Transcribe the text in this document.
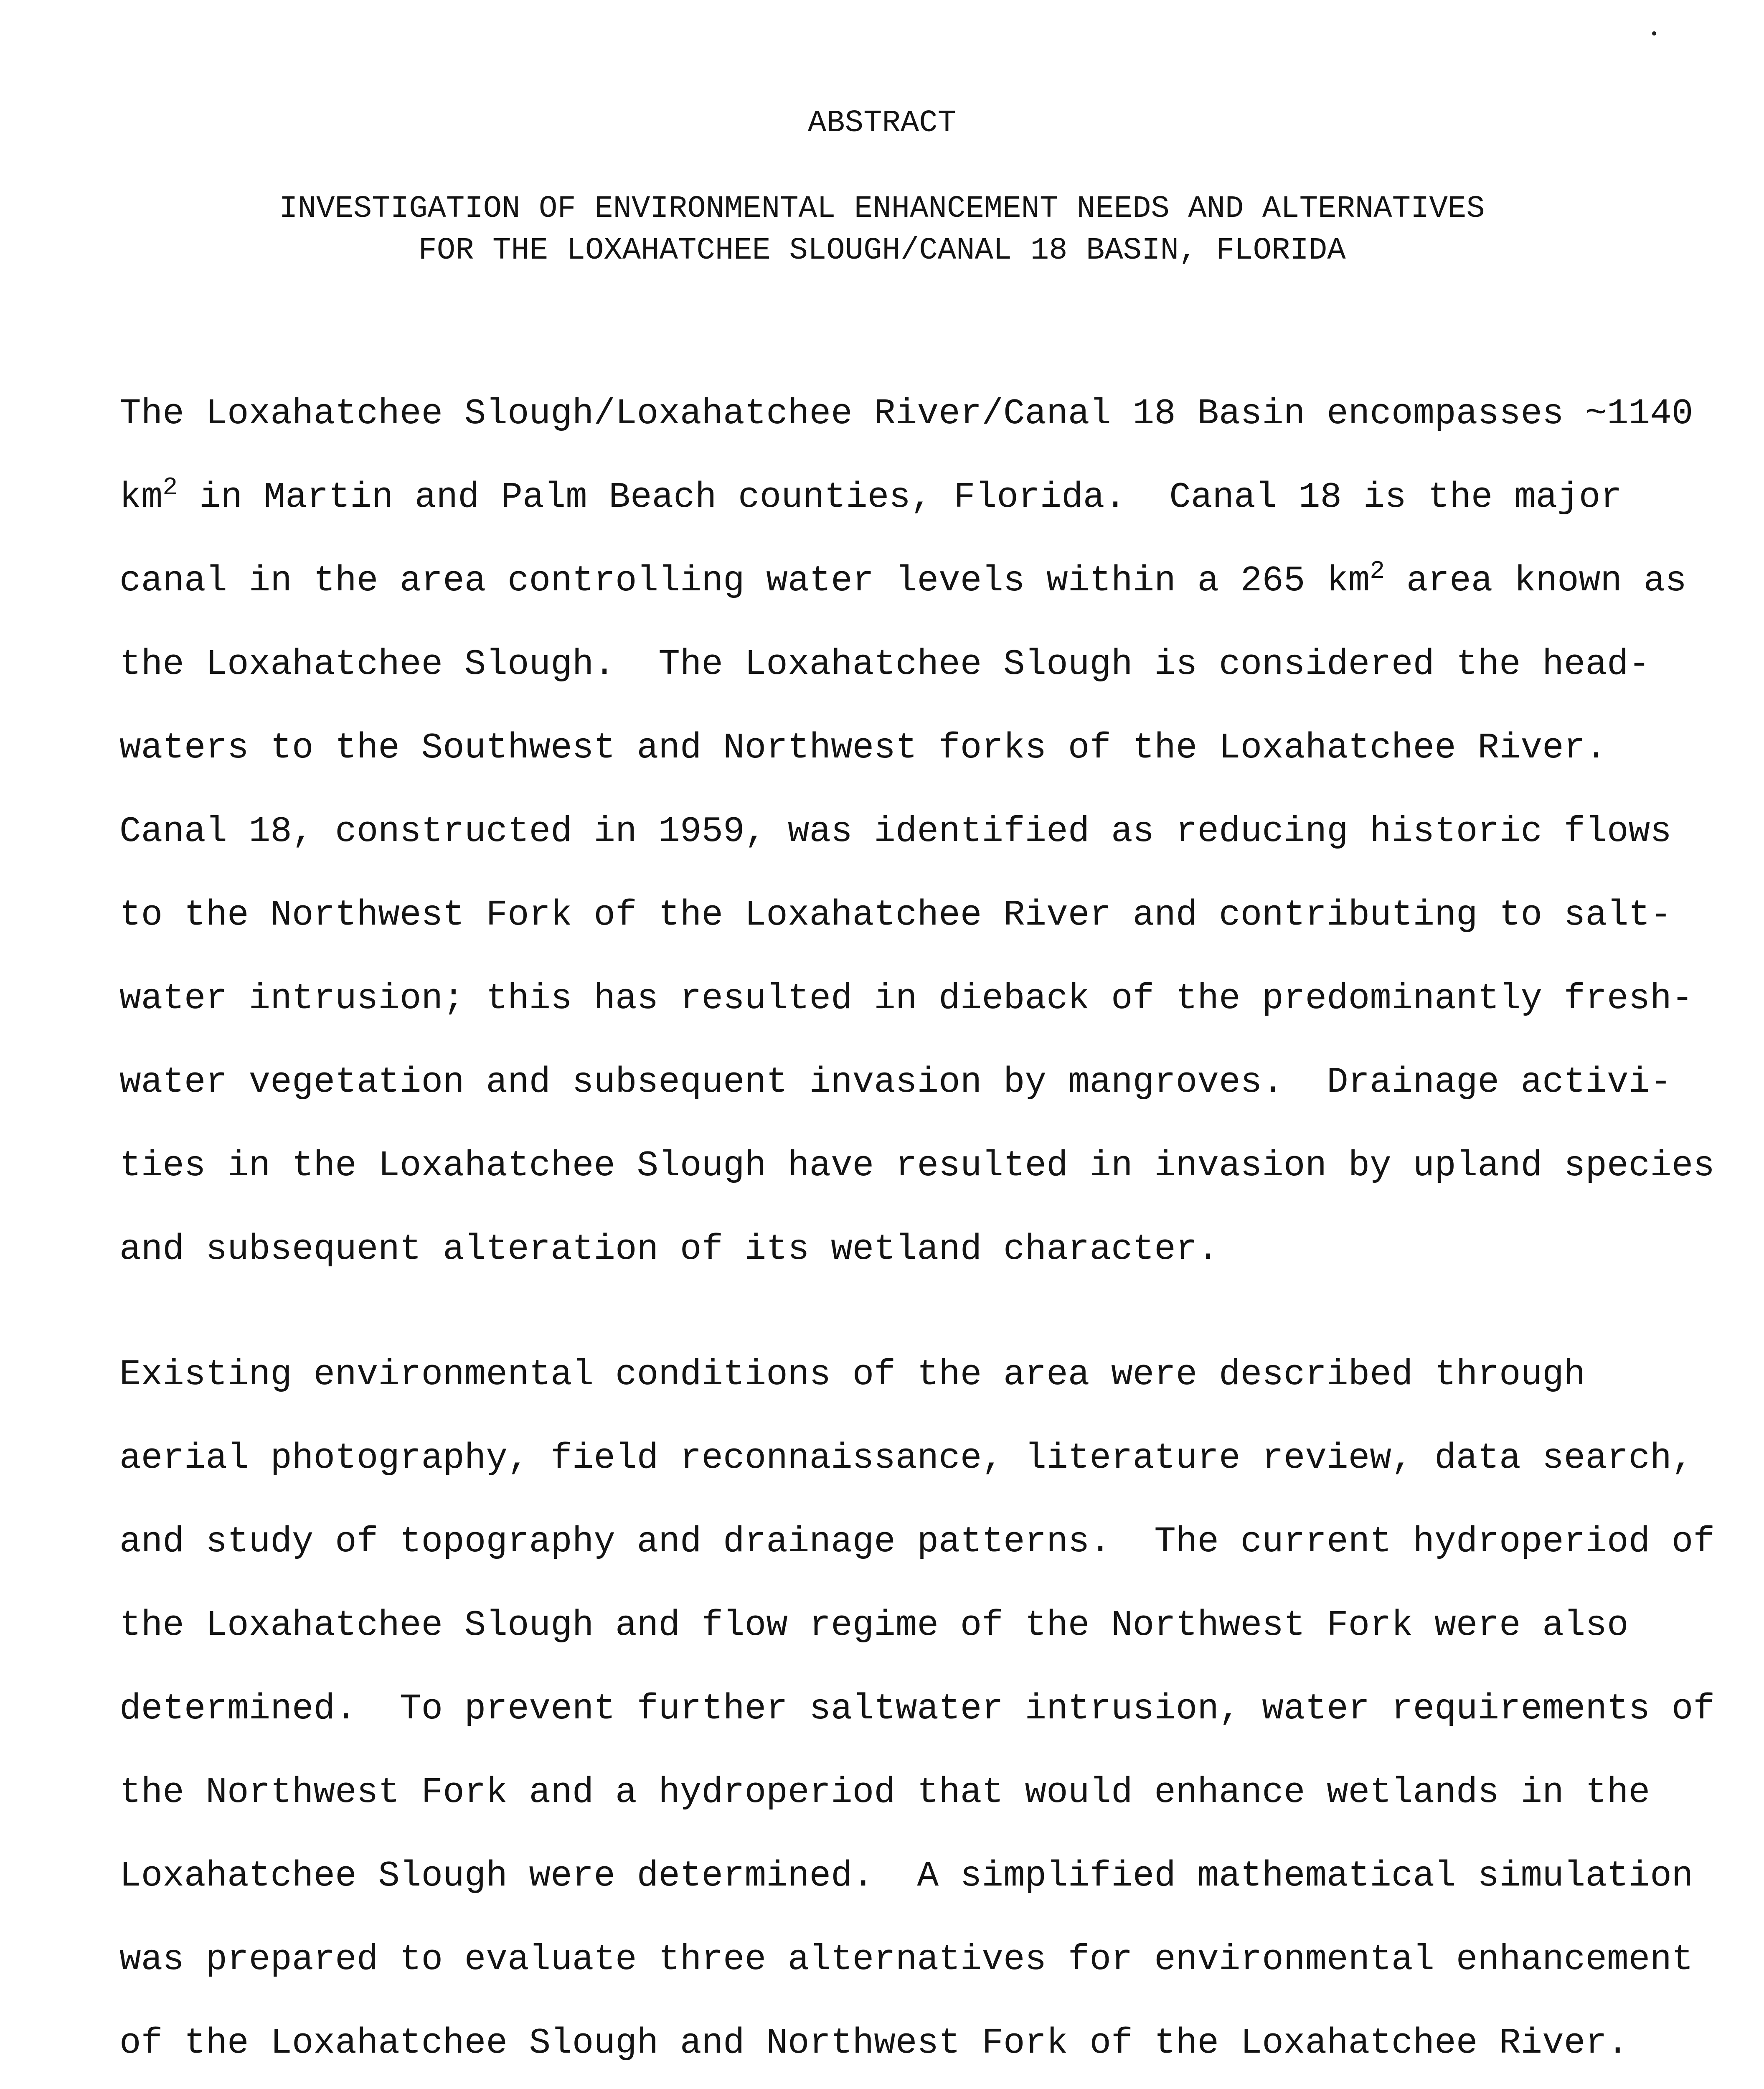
ABSTRACT
INVESTIGATION OF ENVIRONMENTAL ENHANCEMENT NEEDS AND ALTERNATIVES
FOR THE LOXAHATCHEE SLOUGH/CANAL 18 BASIN, FLORIDA
The Loxahatchee Slough/Loxahatchee River/Canal 18 Basin encompasses ~1140
$km^2$ in Martin and Palm Beach counties, Florida.  Canal 18 is the major
canal in the area controlling water levels within a 265 $km^2$ area known as
the Loxahatchee Slough.  The Loxahatchee Slough is considered the head-
waters to the Southwest and Northwest forks of the Loxahatchee River.
Canal 18, constructed in 1959, was identified as reducing historic flows
to the Northwest Fork of the Loxahatchee River and contributing to salt-
water intrusion; this has resulted in dieback of the predominantly fresh-
water vegetation and subsequent invasion by mangroves.  Drainage activi-
ties in the Loxahatchee Slough have resulted in invasion by upland species
and subsequent alteration of its wetland character.
Existing environmental conditions of the area were described through
aerial photography, field reconnaissance, literature review, data search,
and study of topography and drainage patterns.  The current hydroperiod of
the Loxahatchee Slough and flow regime of the Northwest Fork were also
determined.  To prevent further saltwater intrusion, water requirements of
the Northwest Fork and a hydroperiod that would enhance wetlands in the
Loxahatchee Slough were determined.  A simplified mathematical simulation
was prepared to evaluate three alternatives for environmental enhancement
of the Loxahatchee Slough and Northwest Fork of the Loxahatchee River.
